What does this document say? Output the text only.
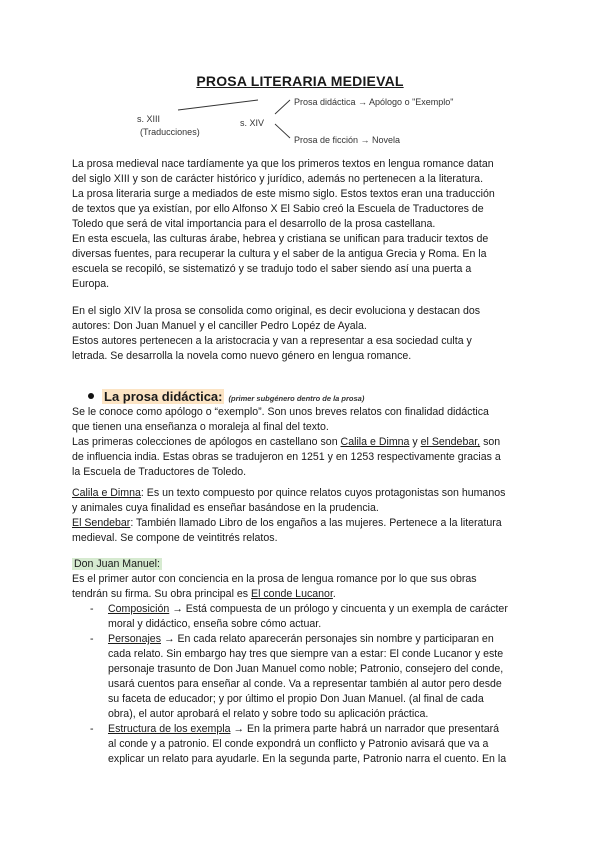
PROSA LITERARIA MEDIEVAL
s. XIII
(Traducciones)
s. XIV
Prosa didáctica → Apólogo o "Exemplo"
Prosa de ficción → Novela

La prosa medieval nace tardíamente ya que los primeros textos en lengua romance datan

del siglo XIII y son de carácter histórico y jurídico, además no pertenecen a la literatura.

La prosa literaria surge a mediados de este mismo siglo. Estos textos eran una traducción

de textos que ya existían, por ello Alfonso X El Sabio creó la Escuela de Traductores de

Toledo que será de vital importancia para el desarrollo de la prosa castellana.

En esta escuela, las culturas árabe, hebrea y cristiana se unifican para traducir textos de

diversas fuentes, para recuperar la cultura y el saber de la antigua Grecia y Roma. En la

escuela se recopiló, se sistematizó y se tradujo todo el saber siendo así una puerta a

Europa.

En el siglo XIV la prosa se consolida como original, es decir evoluciona y destacan dos

autores: Don Juan Manuel y el canciller Pedro Lopéz de Ayala.

Estos autores pertenecen a la aristocracia y van a representar a esa sociedad culta y

letrada. Se desarrolla la novela como nuevo género en lengua romance.

La prosa didáctica: (primer subgénero dentro de la prosa)

Se le conoce como apólogo o “exemplo”. Son unos breves relatos con finalidad didáctica

que tienen una enseñanza o moraleja al final del texto.

Las primeras colecciones de apólogos en castellano son Calila e Dimna y el Sendebar, son

de influencia india. Estas obras se tradujeron en 1251 y en 1253 respectivamente gracias a

la Escuela de Traductores de Toledo.

Calila e Dimna: Es un texto compuesto por quince relatos cuyos protagonistas son humanos

y animales cuya finalidad es enseñar basándose en la prudencia.

El Sendebar: También llamado Libro de los engaños a las mujeres. Pertenece a la literatura

medieval. Se compone de veintitrés relatos.

Don Juan Manuel:

Es el primer autor con conciencia en la prosa de lengua romance por lo que sus obras

tendrán su firma. Su obra principal es El conde Lucanor.

- Composición → Está compuesta de un prólogo y cincuenta y un exempla de carácter
moral y didáctico, enseña sobre cómo actuar.
- Personajes → En cada relato aparecerán personajes sin nombre y participaran en
cada relato. Sin embargo hay tres que siempre van a estar: El conde Lucanor y este
personaje trasunto de Don Juan Manuel como noble; Patronio, consejero del conde,
usará cuentos para enseñar al conde. Va a representar también al autor pero desde
su faceta de educador; y por último el propio Don Juan Manuel. (al final de cada
obra), el autor aprobará el relato y sobre todo su aplicación práctica.
- Estructura de los exempla → En la primera parte habrá un narrador que presentará
al conde y a patronio. El conde expondrá un conflicto y Patronio avisará que va a
explicar un relato para ayudarle. En la segunda parte, Patronio narra el cuento. En la
